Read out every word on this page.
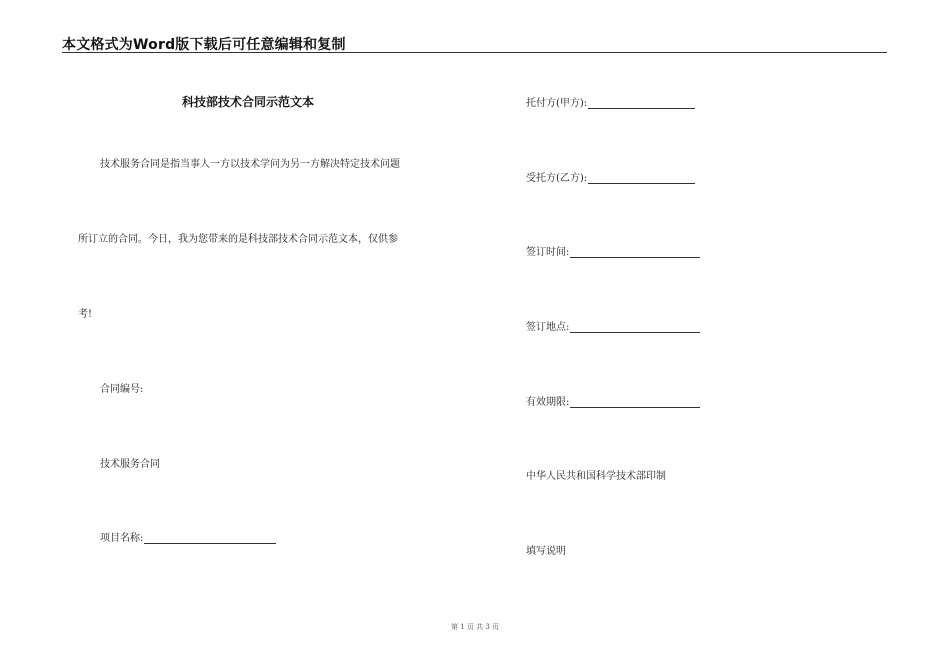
本文格式为Word版下载后可任意编辑和复制
科技部技术合同示范文本
技术服务合同是指当事人一方以技术学问为另一方解决特定技术问题
所订立的合同。今日，我为您带来的是科技部技术合同示范文本，仅供参
考!
合同编号:
技术服务合同
项目名称:
托付方(甲方):
受托方(乙方):
签订时间:
签订地点:
有效期限:
中华人民共和国科学技术部印制
填写说明
第 1 页 共 3 页
